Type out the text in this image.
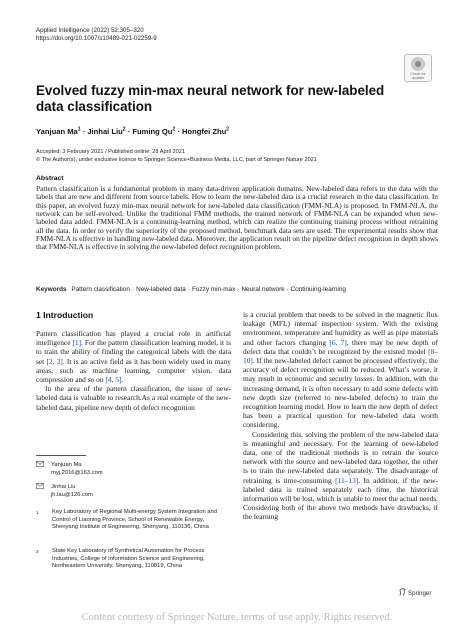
Applied Intelligence (2022) 52:305–320
https://doi.org/10.1007/s10489-021-02259-9
Check for
updates
Evolved fuzzy min-max neural network for new-labeled data classification
Yanjuan $Ma^1$ · Jinhai Liu$^2$ · Fuming $Qu^2$ · Hongfei Zhu$^2$
Accepted: 3 February 2021 / Published online: 28 April 2021
© The Author(s), under exclusive licence to Springer Science+Business Media, LLC, part of Springer Nature 2021
Abstract
Pattern classification is a fundamental problem in many data-driven application domains. New-labeled data refers to the data with the labels that are new and different from source labels. How to learn the new-labeled data is a crucial research in the data classification. In this paper, an evolved fuzzy min-max neural network for new-labeled data classification (FMM-NLA) is proposed. In FMM-NLA, the network can be self-evolved. Unlike the traditional FMM methods, the trained network of FMM-NLA can be expanded when new-labeled data added. FMM-NLA is a continuing-learning method, which can realize the continuing training process without retraining all the data. In order to verify the superiority of the proposed method, benchmark data sets are used. The experimental results show that FMM-NLA is effective in handling new-labeled data. Moreover, the application result on the pipeline defect recognition in depth shows that FMM-NLA is effective in solving the new-labeled defect recognition problem.
Keywords Pattern classification · New-labeled data · Fuzzy min-max · Neural network · Continuing-learning
1 Introduction

Pattern classification has played a crucial role in artificial intelligence [1]. For the pattern classification learning model, it is to train the ability of finding the categorical labels with the data set [2, 3]. It is an active field as it has been widely used in many areas, such as machine learning, computer vision, data compression and so on [4, 5].

In the area of the pattern classification, the issue of new-labeled data is valuable to research.As a real example of the new-labeled data, pipeline new depth of defect recognition

is a crucial problem that needs to be solved in the magnetic flux leakage (MFL) internal inspection system. With the existing environment, temperature and humidity as well as pipe materials and other factors changing [6, 7], there may be new depth of defect data that couldn’t be recognized by the existed model [8–10]. If the new-labeled defect cannot be processed effectively, the accuracy of defect recognition will be reduced. What’s worse, it may result in economic and security losses. In addition, with the increasing demand, it is often necessary to add some defects with new depth size (referred to new-labeled defects) to train the recognition learning model. How to learn the new depth of defect has been a practical question for new-labeled data worth considering.

Considering this, solving the problem of the new-labeled data is meaningful and necessary. For the learning of new-labeled data, one of the traditional methods is to retrain the source network with the source and new-labeled data together, the other is to train the new-labeled data separately. The disadvantage of retraining is time-consuming [11–13]. In addition, if the new-labeled data is trained separately each time, the historical information will be lost, which is unable to meet the actual needs. Considering both of the above two methods have drawbacks, if the learning

Yanjuan Ma
myj.2016@163.com
Jinhai Liu
jh.lau@126.com
1	Key Laboratory of Regional Multi-energy System Integration and Control of Liaoning Province, School of Renewable Energy, Shenyang Institute of Engineering, Shenyang, 110136, China
2	State Key Laboratory of Synthetical Automation for Process Industries, College of Information Science and Engineering, Northeastern University, Shenyang, 110819, China
Springer
Content courtesy of Springer Nature, terms of use apply. Rights reserved.
